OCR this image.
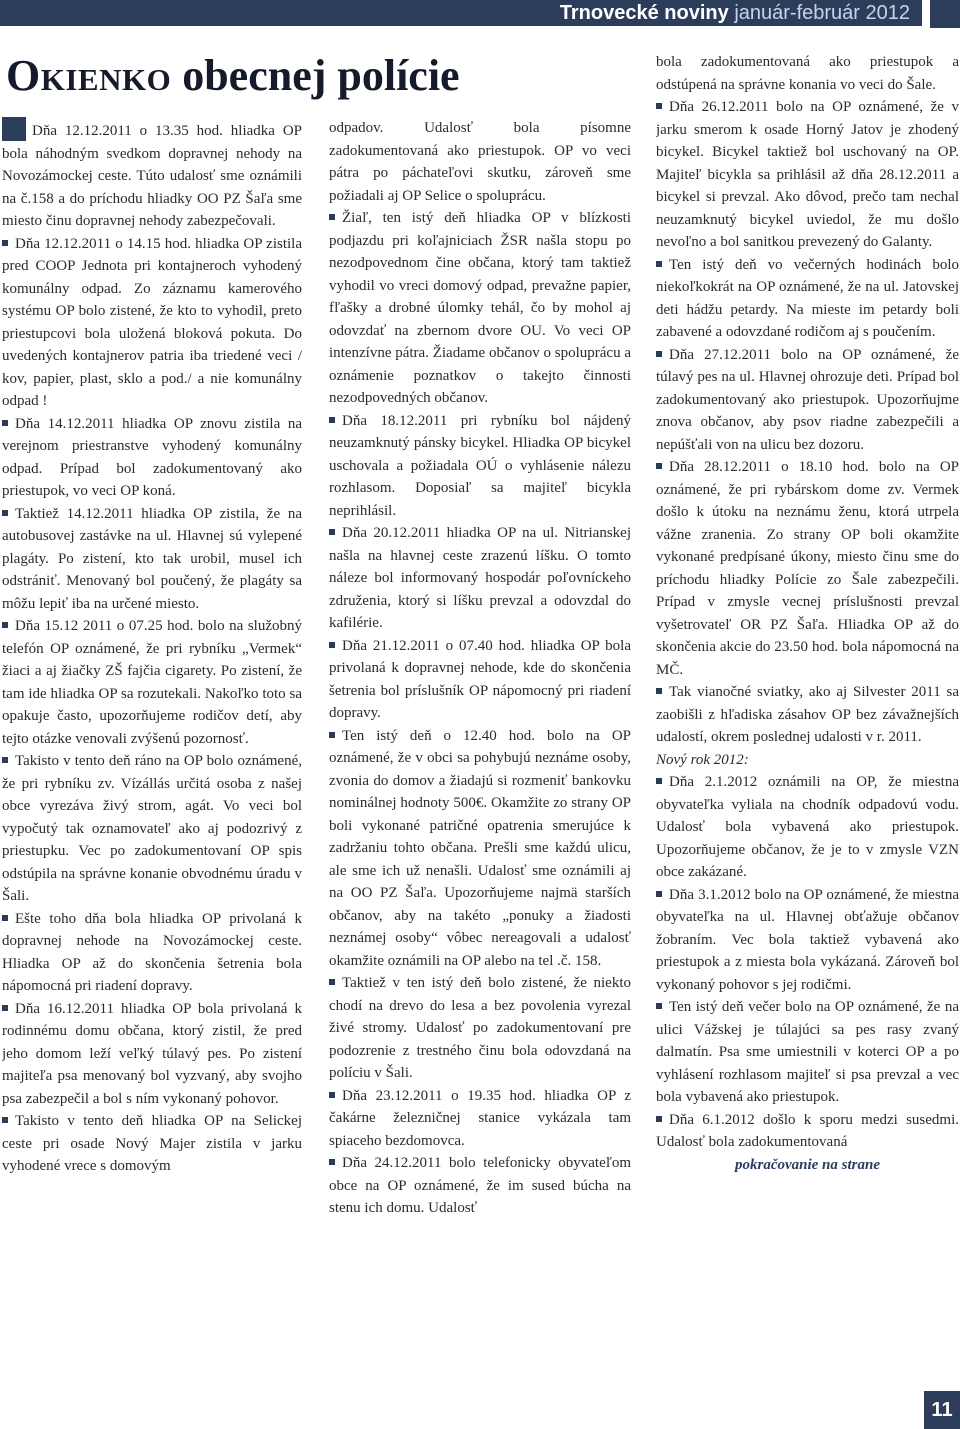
Trnovecké noviny január-február 2012
Okienko obecnej polície

Dňa 12.12.2011 o 13.35 hod. hliadka OP bola náhodným svedkom dopravnej nehody na Novozámockej ceste. Túto udalosť sme oznámili na č.158 a do príchodu hliadky OO PZ Šaľa sme miesto činu dopravnej nehody zabezpečovali.

Dňa 12.12.2011 o 14.15 hod. hliadka OP zistila pred COOP Jednota pri kontajneroch vyhodený komunálny odpad. Zo záznamu kamerového systému OP bolo zistené, že kto to vyhodil, preto priestupcovi bola uložená bloková pokuta. Do uvedených kontajnerov patria iba triedené veci / kov, papier, plast, sklo a pod./ a nie komunálny odpad !

Dňa 14.12.2011 hliadka OP znovu zistila na verejnom priestranstve vyhodený komunálny odpad. Prípad bol zadokumentovaný ako priestupok, vo veci OP koná.

Taktiež 14.12.2011 hliadka OP zistila, že na autobusovej zastávke na ul. Hlavnej sú vylepené plagáty. Po zistení, kto tak urobil, musel ich odstrániť. Menovaný bol poučený, že plagáty sa môžu lepiť iba na určené miesto.

Dňa 15.12 2011 o 07.25 hod. bolo na služobný telefón OP oznámené, že pri rybníku „Vermek“ žiaci a aj žiačky ZŠ fajčia cigarety. Po zistení, že tam ide hliadka OP sa rozutekali. Nakoľko toto sa opakuje často, upozorňujeme rodičov detí, aby tejto otázke venovali zvýšenú pozornosť.

Takisto v tento deň ráno na OP bolo oznámené, že pri rybníku zv. Vízállás určitá osoba z našej obce vyrezáva živý strom, agát. Vo veci bol vypočutý tak oznamovateľ ako aj podozrivý z priestupku. Vec po zadokumentovaní OP spis odstúpila na správne konanie obvodnému úradu v Šali.

Ešte toho dňa bola hliadka OP privolaná k dopravnej nehode na Novozámockej ceste. Hliadka OP až do skončenia šetrenia bola nápomocná pri riadení dopravy.

Dňa 16.12.2011 hliadka OP bola privolaná k rodinnému domu občana, ktorý zistil, že pred jeho domom leží veľký túlavý pes. Po zistení majiteľa psa menovaný bol vyzvaný, aby svojho psa zabezpečil a bol s ním vykonaný pohovor.

Takisto v tento deň hliadka OP na Selickej ceste pri osade Nový Majer zistila v jarku vyhodené vrece s domovým

odpadov. Udalosť bola písomne zadokumentovaná ako priestupok. OP vo veci pátra po páchateľovi skutku, zároveň sme požiadali aj OP Selice o spoluprácu.

Žiaľ, ten istý deň hliadka OP v blízkosti podjazdu pri koľajniciach ŽSR našla stopu po nezodpovednom čine občana, ktorý tam taktiež vyhodil vo vreci domový odpad, prevažne papier, fľašky a drobné úlomky tehál, čo by mohol aj odovzdať na zbernom dvore OU. Vo veci OP intenzívne pátra. Žiadame občanov o spoluprácu a oznámenie poznatkov o takejto činnosti nezodpovedných občanov.

Dňa 18.12.2011 pri rybníku bol nájdený neuzamknutý pánsky bicykel. Hliadka OP bicykel uschovala a požiadala OÚ o vyhlásenie nálezu rozhlasom. Doposiaľ sa majiteľ bicykla neprihlásil.

Dňa 20.12.2011 hliadka OP na ul. Nitrianskej našla na hlavnej ceste zrazenú líšku. O tomto náleze bol informovaný hospodár poľovníckeho združenia, ktorý si líšku prevzal a odovzdal do kafilérie.

Dňa 21.12.2011 o 07.40 hod. hliadka OP bola privolaná k dopravnej nehode, kde do skončenia šetrenia bol príslušník OP nápomocný pri riadení dopravy.

Ten istý deň o 12.40 hod. bolo na OP oznámené, že v obci sa pohybujú neznáme osoby, zvonia do domov a žiadajú si rozmeniť bankovku nominálnej hodnoty 500€. Okamžite zo strany OP boli vykonané patričné opatrenia smerujúce k zadržaniu tohto občana. Prešli sme každú ulicu, ale sme ich už nenašli. Udalosť sme oznámili aj na OO PZ Šaľa. Upozorňujeme najmä starších občanov, aby na takéto „ponuky a žiadosti neznámej osoby“ vôbec nereagovali a udalosť okamžite oznámili na OP alebo na tel .č. 158.

Taktiež v ten istý deň bolo zistené, že niekto chodí na drevo do lesa a bez povolenia vyrezal živé stromy. Udalosť po zadokumentovaní pre podozrenie z trestného činu bola odovzdaná na políciu v Šali.

Dňa 23.12.2011 o 19.35 hod. hliadka OP z čakárne železničnej stanice vykázala tam spiaceho bezdomovca.

Dňa 24.12.2011 bolo telefonicky obyvateľom obce na OP oznámené, že im sused búcha na stenu ich domu. Udalosť

bola zadokumentovaná ako priestupok a odstúpená na správne konania vo veci do Šale.

Dňa 26.12.2011 bolo na OP oznámené, že v jarku smerom k osade Horný Jatov je zhodený bicykel. Bicykel taktiež bol uschovaný na OP. Majiteľ bicykla sa prihlásil až dňa 28.12.2011 a bicykel si prevzal. Ako dôvod, prečo tam nechal neuzamknutý bicykel uviedol, že mu došlo nevoľno a bol sanitkou prevezený do Galanty.

Ten istý deň vo večerných hodinách bolo niekoľkokrát na OP oznámené, že na ul. Jatovskej deti hádžu petardy. Na mieste im petardy boli zabavené a odovzdané rodičom aj s poučením.

Dňa 27.12.2011 bolo na OP oznámené, že túlavý pes na ul. Hlavnej ohrozuje deti. Prípad bol zadokumentovaný ako priestupok. Upozorňujme znova občanov, aby psov riadne zabezpečili a nepúšťali von na ulicu bez dozoru.

Dňa 28.12.2011 o 18.10 hod. bolo na OP oznámené, že pri rybárskom dome zv. Vermek došlo k útoku na neznámu ženu, ktorá utrpela vážne zranenia. Zo strany OP boli okamžite vykonané predpísané úkony, miesto činu sme do príchodu hliadky Polície zo Šale zabezpečili. Prípad v zmysle vecnej príslušnosti prevzal vyšetrovateľ OR PZ Šaľa. Hliadka OP až do skončenia akcie do 23.50 hod. bola nápomocná na MČ.

Tak vianočné sviatky, ako aj Silvester 2011 sa zaobišli z hľadiska zásahov OP bez závažnejších udalostí, okrem poslednej udalosti v r. 2011.

Nový rok 2012:

Dňa 2.1.2012 oznámili na OP, že miestna obyvateľka vyliala na chodník odpadovú vodu. Udalosť bola vybavená ako priestupok. Upozorňujeme občanov, že je to v zmysle VZN obce zakázané.

Dňa 3.1.2012 bolo na OP oznámené, že miestna obyvateľka na ul. Hlavnej obťažuje občanov žobraním. Vec bola taktiež vybavená ako priestupok a z miesta bola vykázaná. Zároveň bol vykonaný pohovor s jej rodičmi.

Ten istý deň večer bolo na OP oznámené, že na ulici Vážskej je túlajúci sa pes rasy zvaný dalmatín. Psa sme umiestnili v koterci OP a po vyhlásení rozhlasom majiteľ si psa prevzal a vec bola vybavená ako priestupok.

Dňa 6.1.2012 došlo k sporu medzi susedmi. Udalosť bola zadokumentovaná

pokračovanie na strane

11
